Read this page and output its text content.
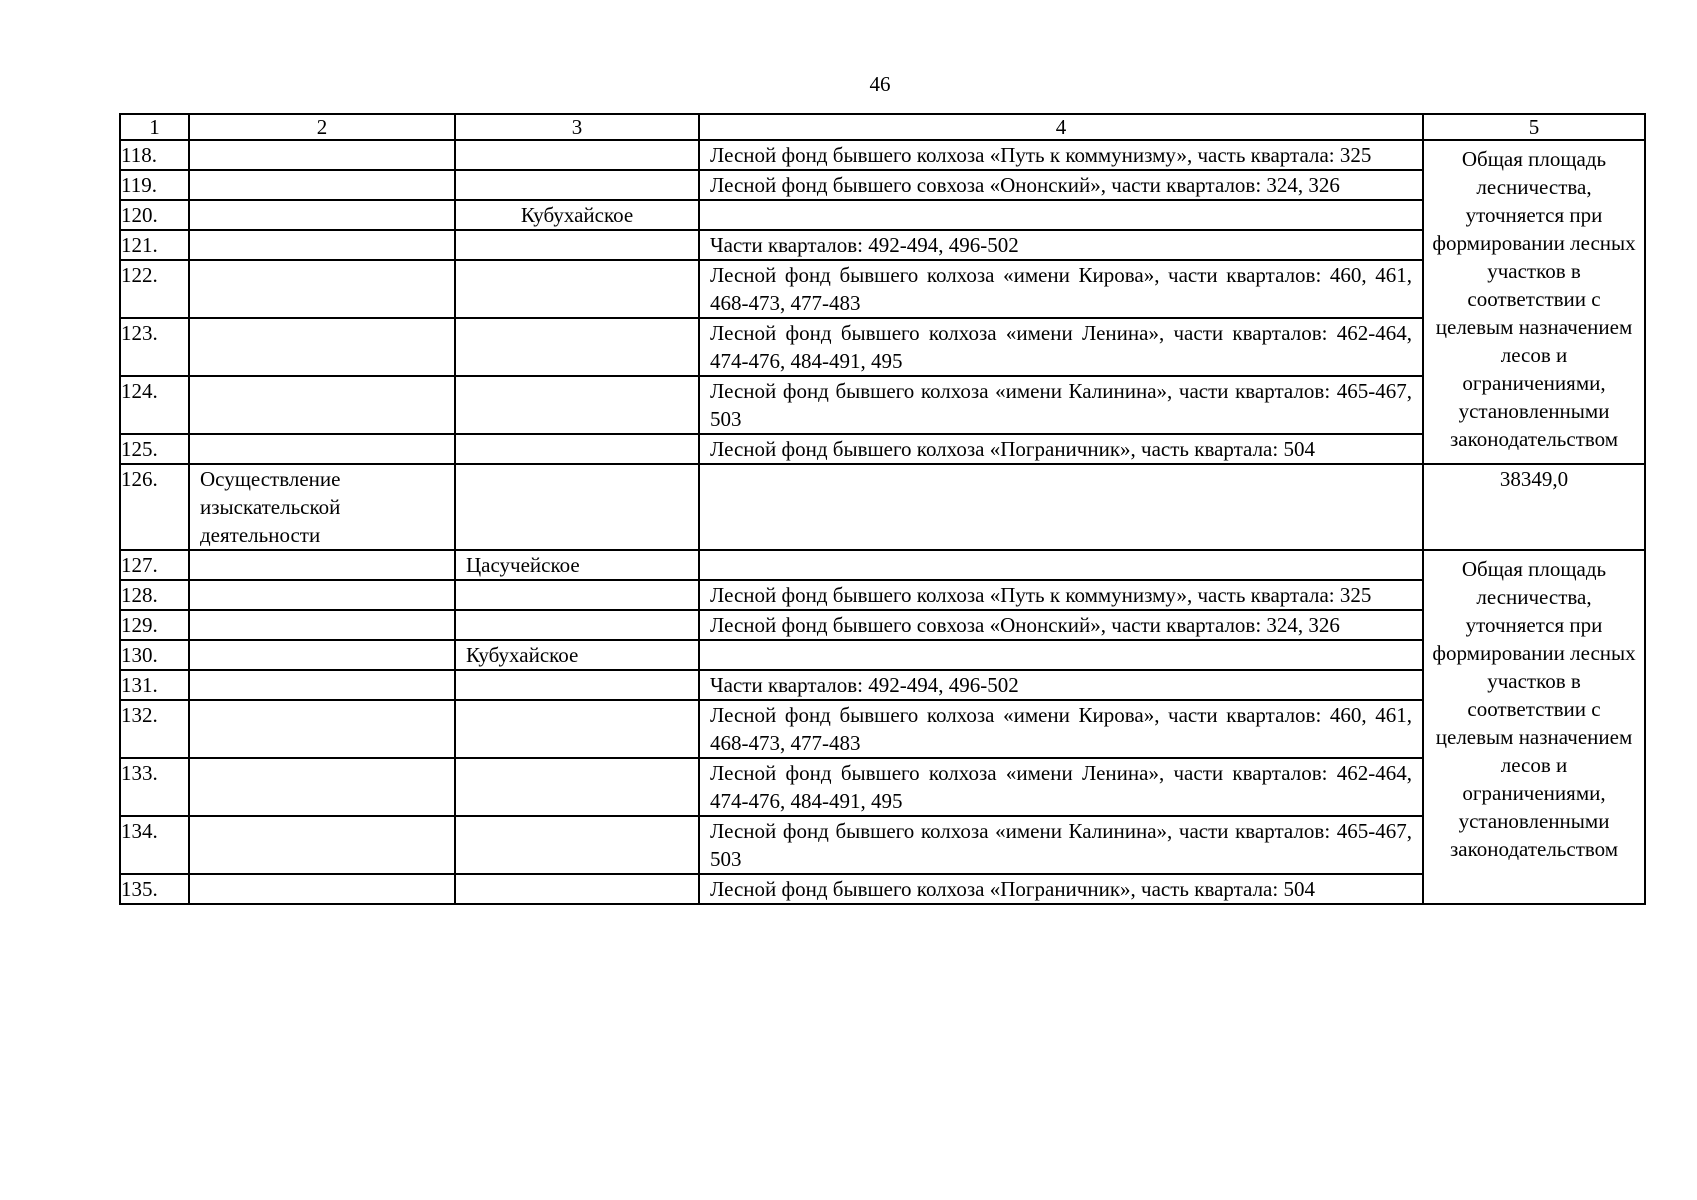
46
1	2	3	4	5
118.			Лесной фонд бывшего колхоза «Путь к коммунизму», часть квартала: 325	Общая площадь лесничества, уточняется при формировании лесных участков в соответствии с целевым назначением лесов и ограничениями, установленными законодательством
119.			Лесной фонд бывшего совхоза «Ононский», части кварталов: 324, 326	
120.		Кубухайское		
121.			Части кварталов: 492-494, 496-502	
122.			Лесной фонд бывшего колхоза «имени Кирова», части кварталов: 460, 461, 468-473, 477-483	
123.			Лесной фонд бывшего колхоза «имени Ленина», части кварталов: 462-464, 474-476, 484-491, 495	
124.			Лесной фонд бывшего колхоза «имени Калинина», части кварталов: 465-467, 503	
125.			Лесной фонд бывшего колхоза «Пограничник», часть квартала: 504	
126.	Осуществление изыскательской деятельности			38349,0
127.		Цасучейское		Общая площадь лесничества, уточняется при формировании лесных участков в соответствии с целевым назначением лесов и ограничениями, установленными законодательством
128.			Лесной фонд бывшего колхоза «Путь к коммунизму», часть квартала: 325	
129.			Лесной фонд бывшего совхоза «Ононский», части кварталов: 324, 326	
130.		Кубухайское		
131.			Части кварталов: 492-494, 496-502	
132.			Лесной фонд бывшего колхоза «имени Кирова», части кварталов: 460, 461, 468-473, 477-483	
133.			Лесной фонд бывшего колхоза «имени Ленина», части кварталов: 462-464, 474-476, 484-491, 495	
134.			Лесной фонд бывшего колхоза «имени Калинина», части кварталов: 465-467, 503	
135.			Лесной фонд бывшего колхоза «Пограничник», часть квартала: 504	
